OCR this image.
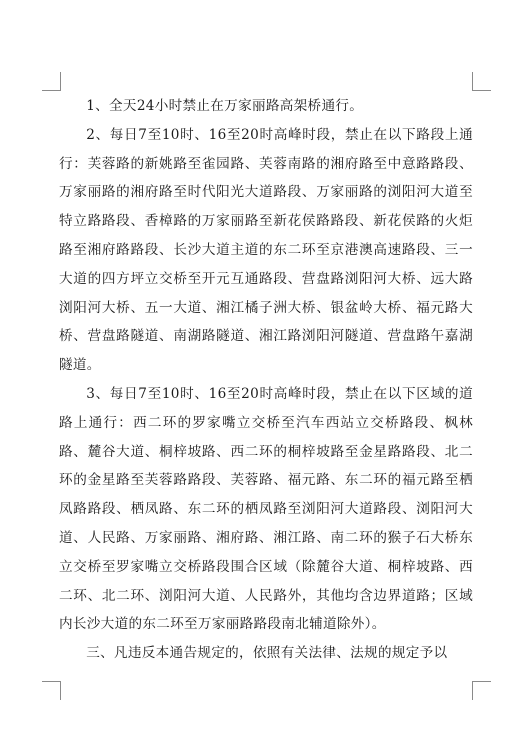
1、全天24小时禁止在万家丽路高架桥通行。

2、每日7至10时、16至20时高峰时段，禁止在以下路段上通行：芙蓉路的新姚路至雀园路、芙蓉南路的湘府路至中意路路段、万家丽路的湘府路至时代阳光大道路段、万家丽路的浏阳河大道至特立路路段、香樟路的万家丽路至新花侯路路段、新花侯路的火炬路至湘府路路段、长沙大道主道的东二环至京港澳高速路段、三一大道的四方坪立交桥至开元互通路段、营盘路浏阳河大桥、远大路浏阳河大桥、五一大道、湘江橘子洲大桥、银盆岭大桥、福元路大桥、营盘路隧道、南湖路隧道、湘江路浏阳河隧道、营盘路午嘉湖隧道。

3、每日7至10时、16至20时高峰时段，禁止在以下区域的道路上通行：西二环的罗家嘴立交桥至汽车西站立交桥路段、枫林路、麓谷大道、桐梓坡路、西二环的桐梓坡路至金星路路段、北二环的金星路至芙蓉路路段、芙蓉路、福元路、东二环的福元路至栖凤路路段、栖凤路、东二环的栖凤路至浏阳河大道路段、浏阳河大道、人民路、万家丽路、湘府路、湘江路、南二环的猴子石大桥东立交桥至罗家嘴立交桥路段围合区域（除麓谷大道、桐梓坡路、西二环、北二环、浏阳河大道、人民路外，其他均含边界道路；区域内长沙大道的东二环至万家丽路路段南北辅道除外）。

三、凡违反本通告规定的，依照有关法律、法规的规定予以
